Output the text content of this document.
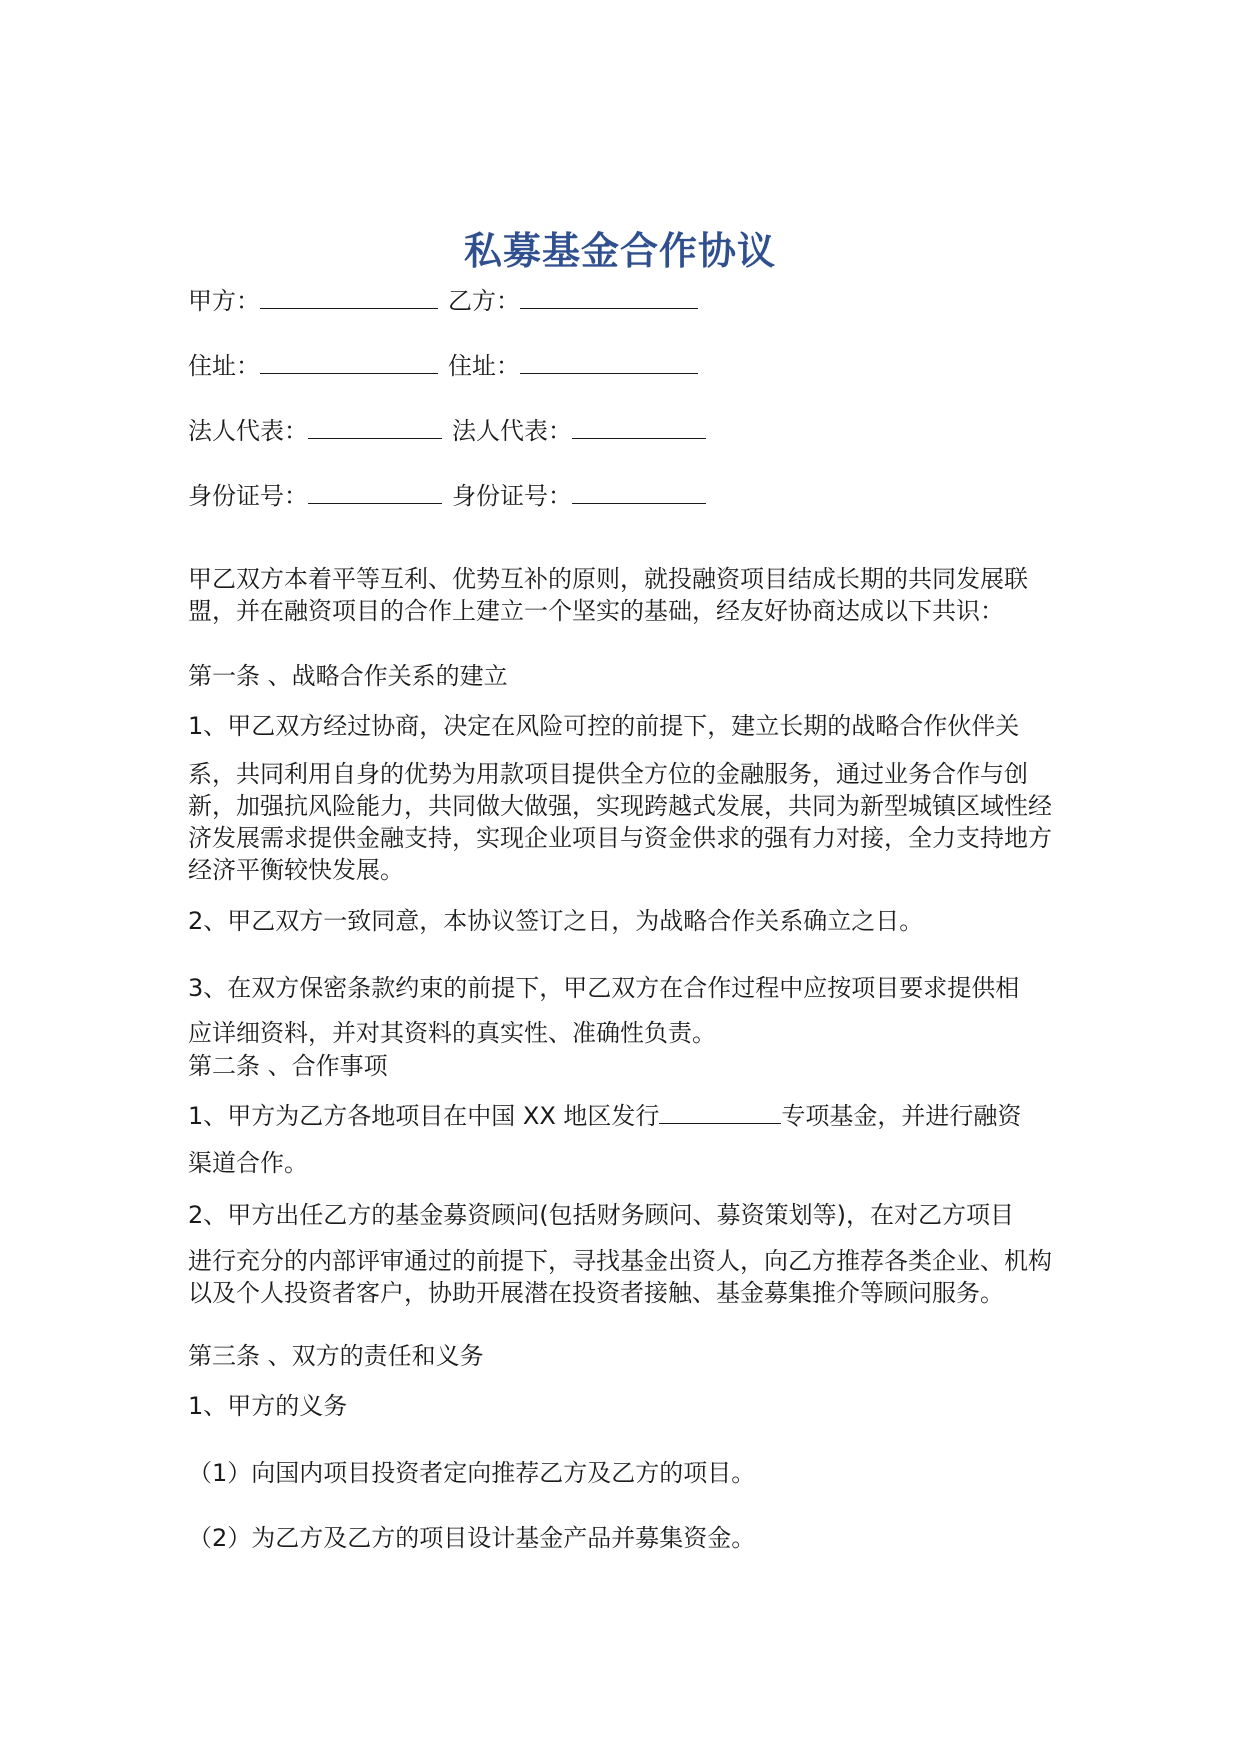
私募基金合作协议
甲方：	乙方：
住址：	住址：
法人代表：	法人代表：
身份证号：	身份证号：
甲乙双方本着平等互利、优势互补的原则，就投融资项目结成长期的共同发展联盟，并在融资项目的合作上建立一个坚实的基础，经友好协商达成以下共识：
第一条 、战略合作关系的建立
1、甲乙双方经过协商，决定在风险可控的前提下，建立长期的战略合作伙伴关
系，共同利用自身的优势为用款项目提供全方位的金融服务，通过业务合作与创新，加强抗风险能力，共同做大做强，实现跨越式发展，共同为新型城镇区域性经济发展需求提供金融支持，实现企业项目与资金供求的强有力对接，全力支持地方经济平衡较快发展。
2、甲乙双方一致同意，本协议签订之日，为战略合作关系确立之日。
3、在双方保密条款约束的前提下，甲乙双方在合作过程中应按项目要求提供相
应详细资料，并对其资料的真实性、准确性负责。
第二条 、合作事项
1、甲方为乙方各地项目在中国 XX 地区发行	专项基金，并进行融资
渠道合作。
2、甲方出任乙方的基金募资顾问(包括财务顾问、募资策划等)，在对乙方项目
进行充分的内部评审通过的前提下，寻找基金出资人，向乙方推荐各类企业、机构以及个人投资者客户，协助开展潜在投资者接触、基金募集推介等顾问服务。
第三条 、双方的责任和义务
1、甲方的义务
（1）向国内项目投资者定向推荐乙方及乙方的项目。
（2）为乙方及乙方的项目设计基金产品并募集资金。
